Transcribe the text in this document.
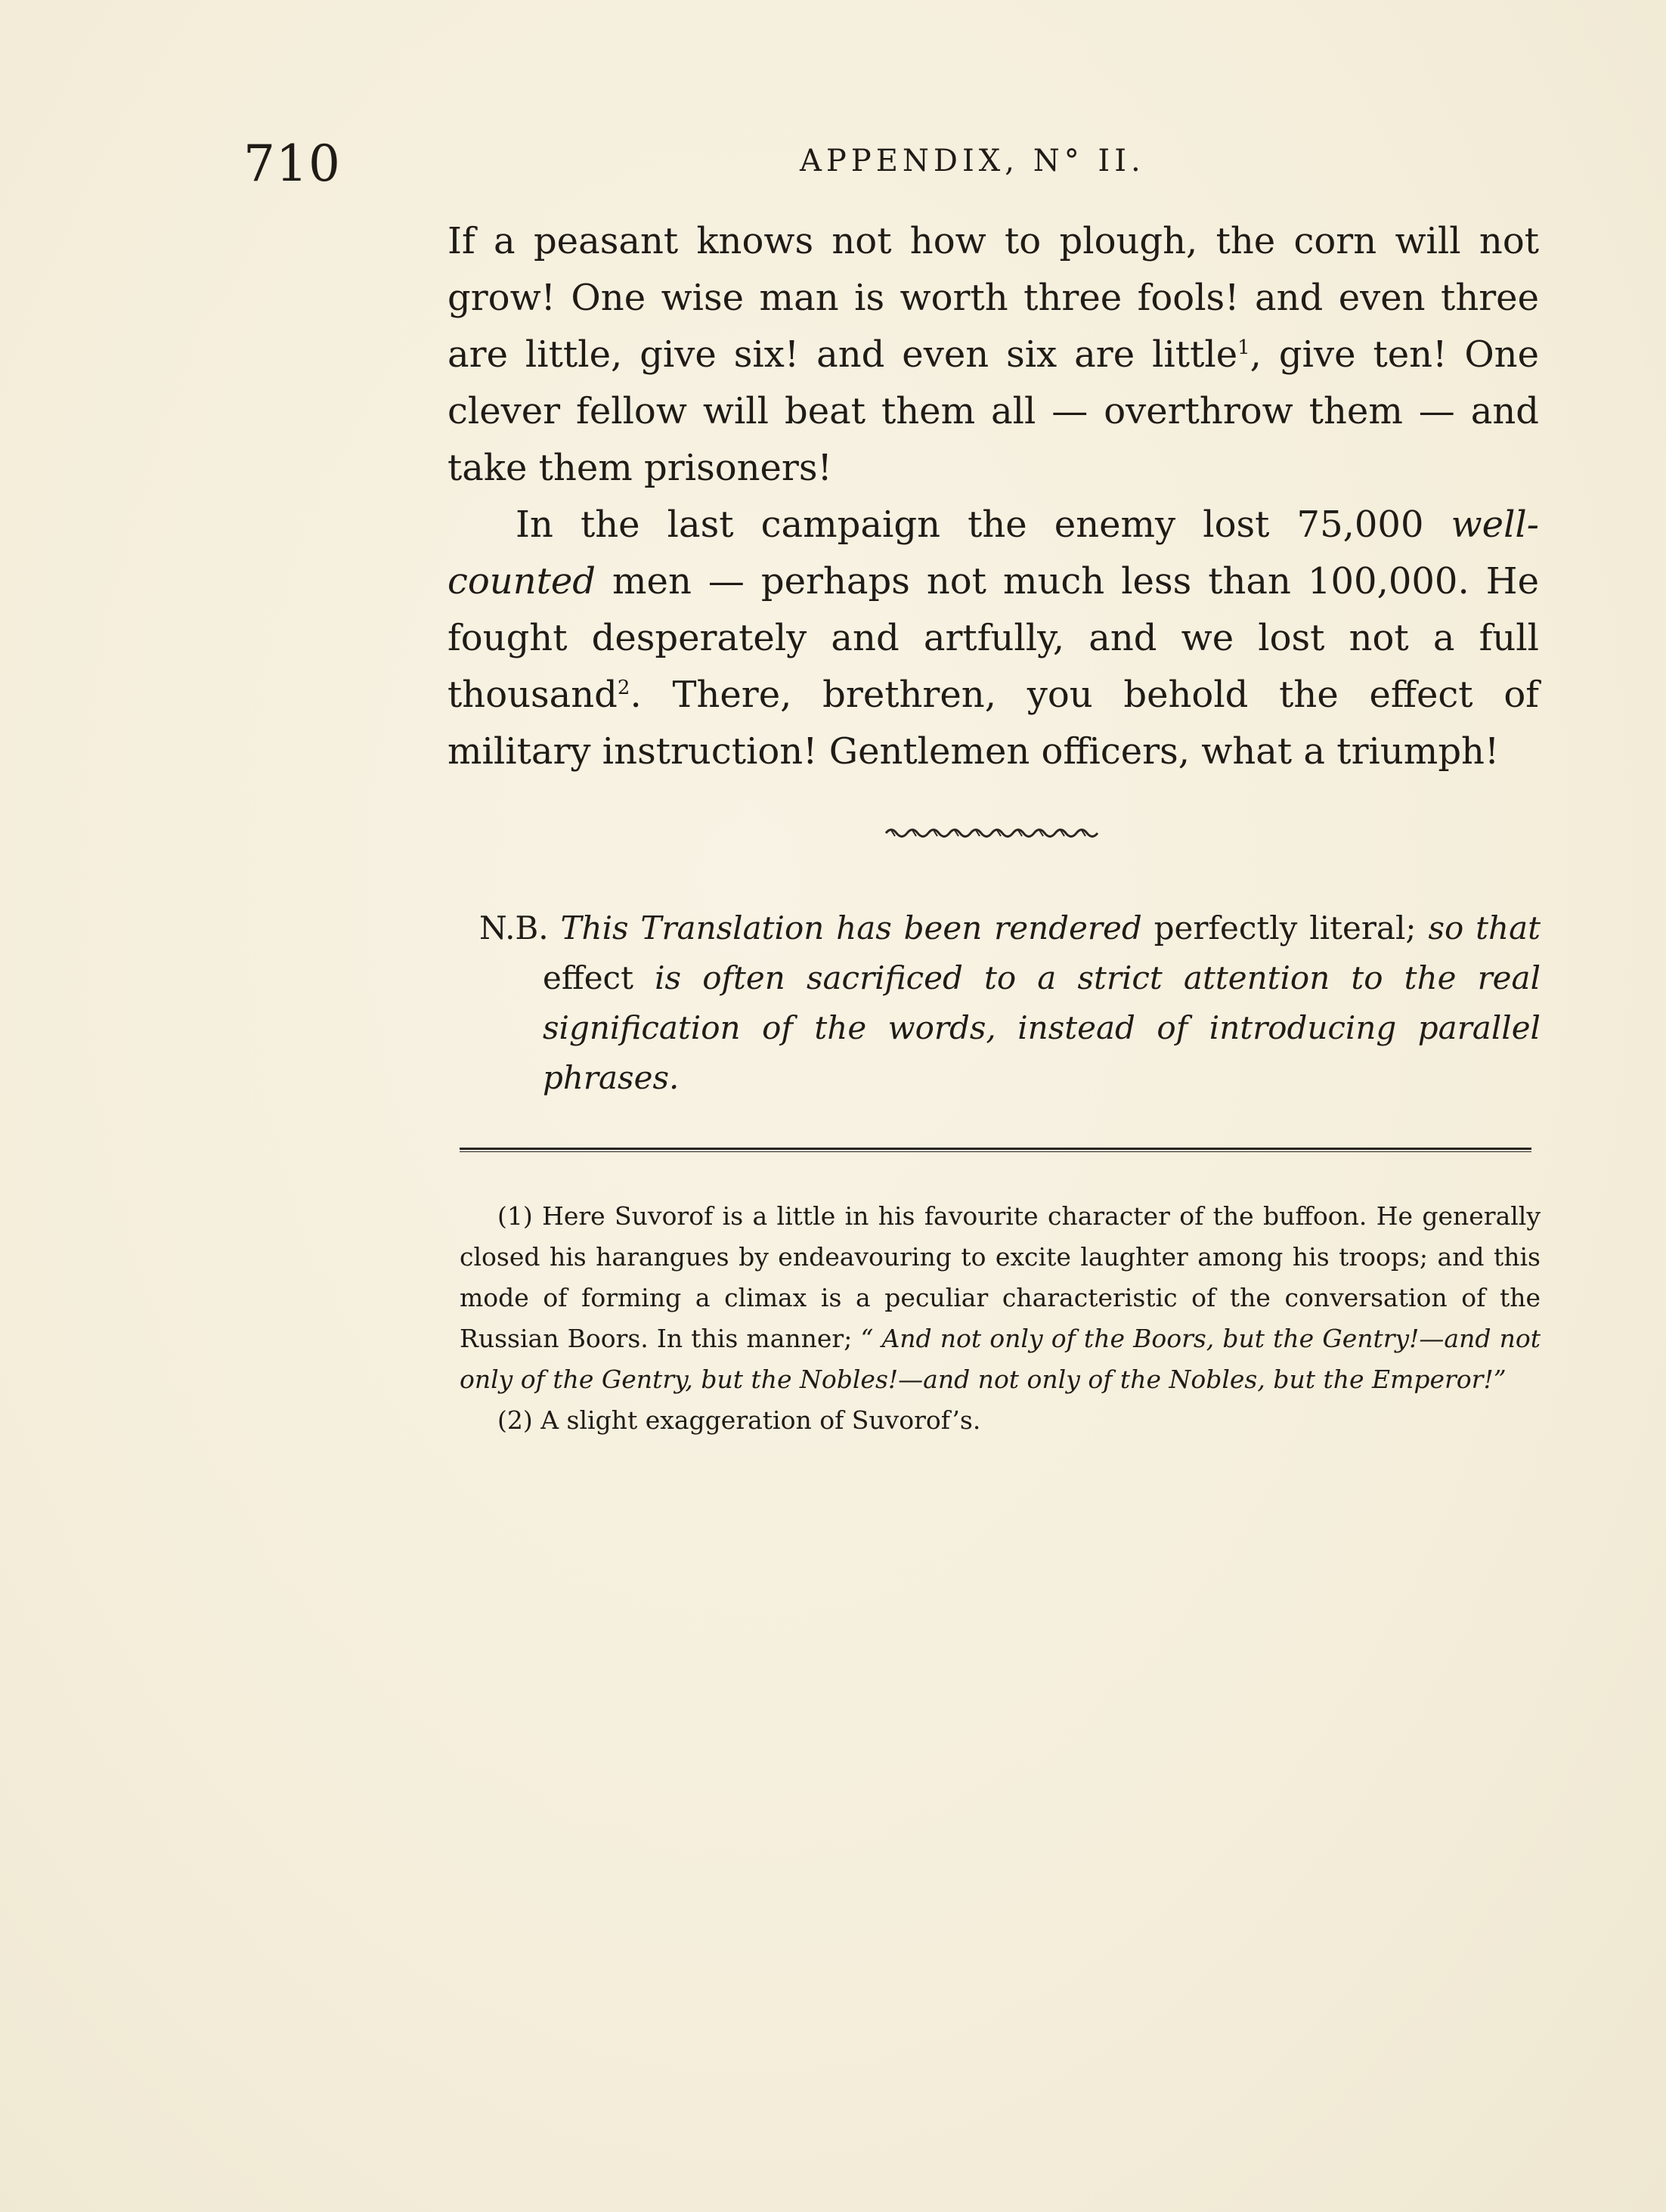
710	APPENDIX, N° II.

If a peasant knows not how to plough, the corn will not grow! One wise man is worth three fools! and even three are little, give six! and even six are little$^1$, give ten! One clever fellow will beat them all — overthrow them — and take them prisoners!

In the last campaign the enemy lost 75,000 well-counted men — perhaps not much less than 100,000. He fought desperately and artfully, and we lost not a full thousand$^2$. There, brethren, you behold the effect of military instruction! Gentlemen officers, what a triumph!

N.B. This Translation has been rendered perfectly literal; so that effect is often sacrificed to a strict attention to the real signification of the words, instead of introducing parallel phrases.

(1) Here Suvorof is a little in his favourite character of the buffoon. He generally closed his harangues by endeavouring to excite laughter among his troops; and this mode of forming a climax is a peculiar characteristic of the conversation of the Russian Boors. In this manner; “ And not only of the Boors, but the Gentry!—and not only of the Gentry, but the Nobles!—and not only of the Nobles, but the Emperor!”

(2) A slight exaggeration of Suvorof’s.
